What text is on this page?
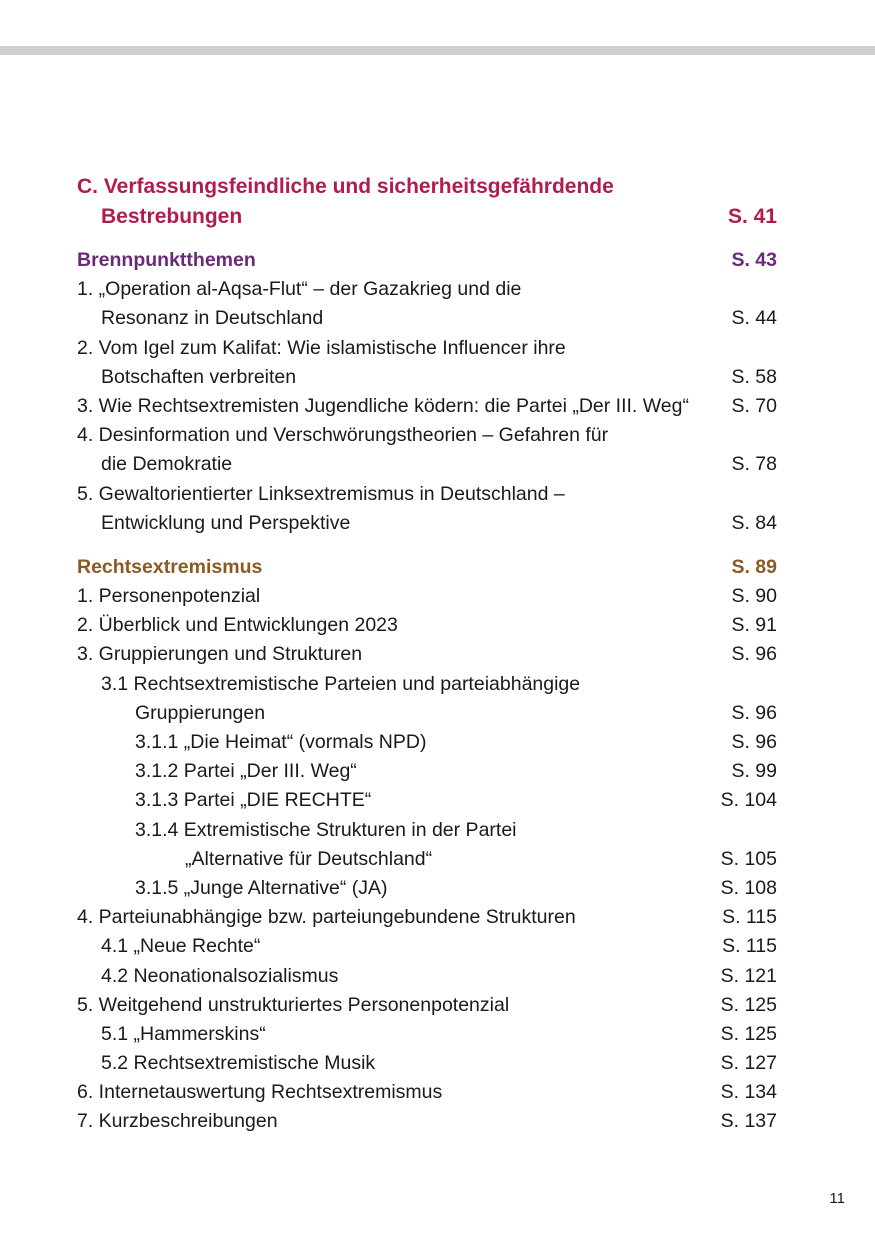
C. Verfassungsfeindliche und sicherheitsgefährdende
Bestrebungen	S. 41
Brennpunktthemen	S. 43
1. „Operation al-Aqsa-Flut“ – der Gazakrieg und die
Resonanz in Deutschland	S. 44
2. Vom Igel zum Kalifat: Wie islamistische Influencer ihre
Botschaften verbreiten	S. 58
3. Wie Rechtsextremisten Jugendliche ködern: die Partei „Der III. Weg“ S. 70
4. Desinformation und Verschwörungstheorien – Gefahren für
die Demokratie	S. 78
5. Gewaltorientierter Linksextremismus in Deutschland –
Entwicklung und Perspektive	S. 84
Rechtsextremismus	S. 89
1. Personenpotenzial	S. 90
2. Überblick und Entwicklungen 2023	S. 91
3. Gruppierungen und Strukturen	S. 96
3.1 Rechtsextremistische Parteien und parteiabhängige
Gruppierungen	S. 96
3.1.1 „Die Heimat“ (vormals NPD)	S. 96
3.1.2 Partei „Der III. Weg“	S. 99
3.1.3 Partei „DIE RECHTE“	S. 104
3.1.4 Extremistische Strukturen in der Partei
„Alternative für Deutschland“	S. 105
3.1.5 „Junge Alternative“ (JA)	S. 108
4. Parteiunabhängige bzw. parteiungebundene Strukturen	S. 115
4.1 „Neue Rechte“	S. 115
4.2 Neonationalsozialismus	S. 121
5. Weitgehend unstrukturiertes Personenpotenzial	S. 125
5.1 „Hammerskins“	S. 125
5.2 Rechtsextremistische Musik	S. 127
6. Internetauswertung Rechtsextremismus	S. 134
7. Kurzbeschreibungen	S. 137
11
